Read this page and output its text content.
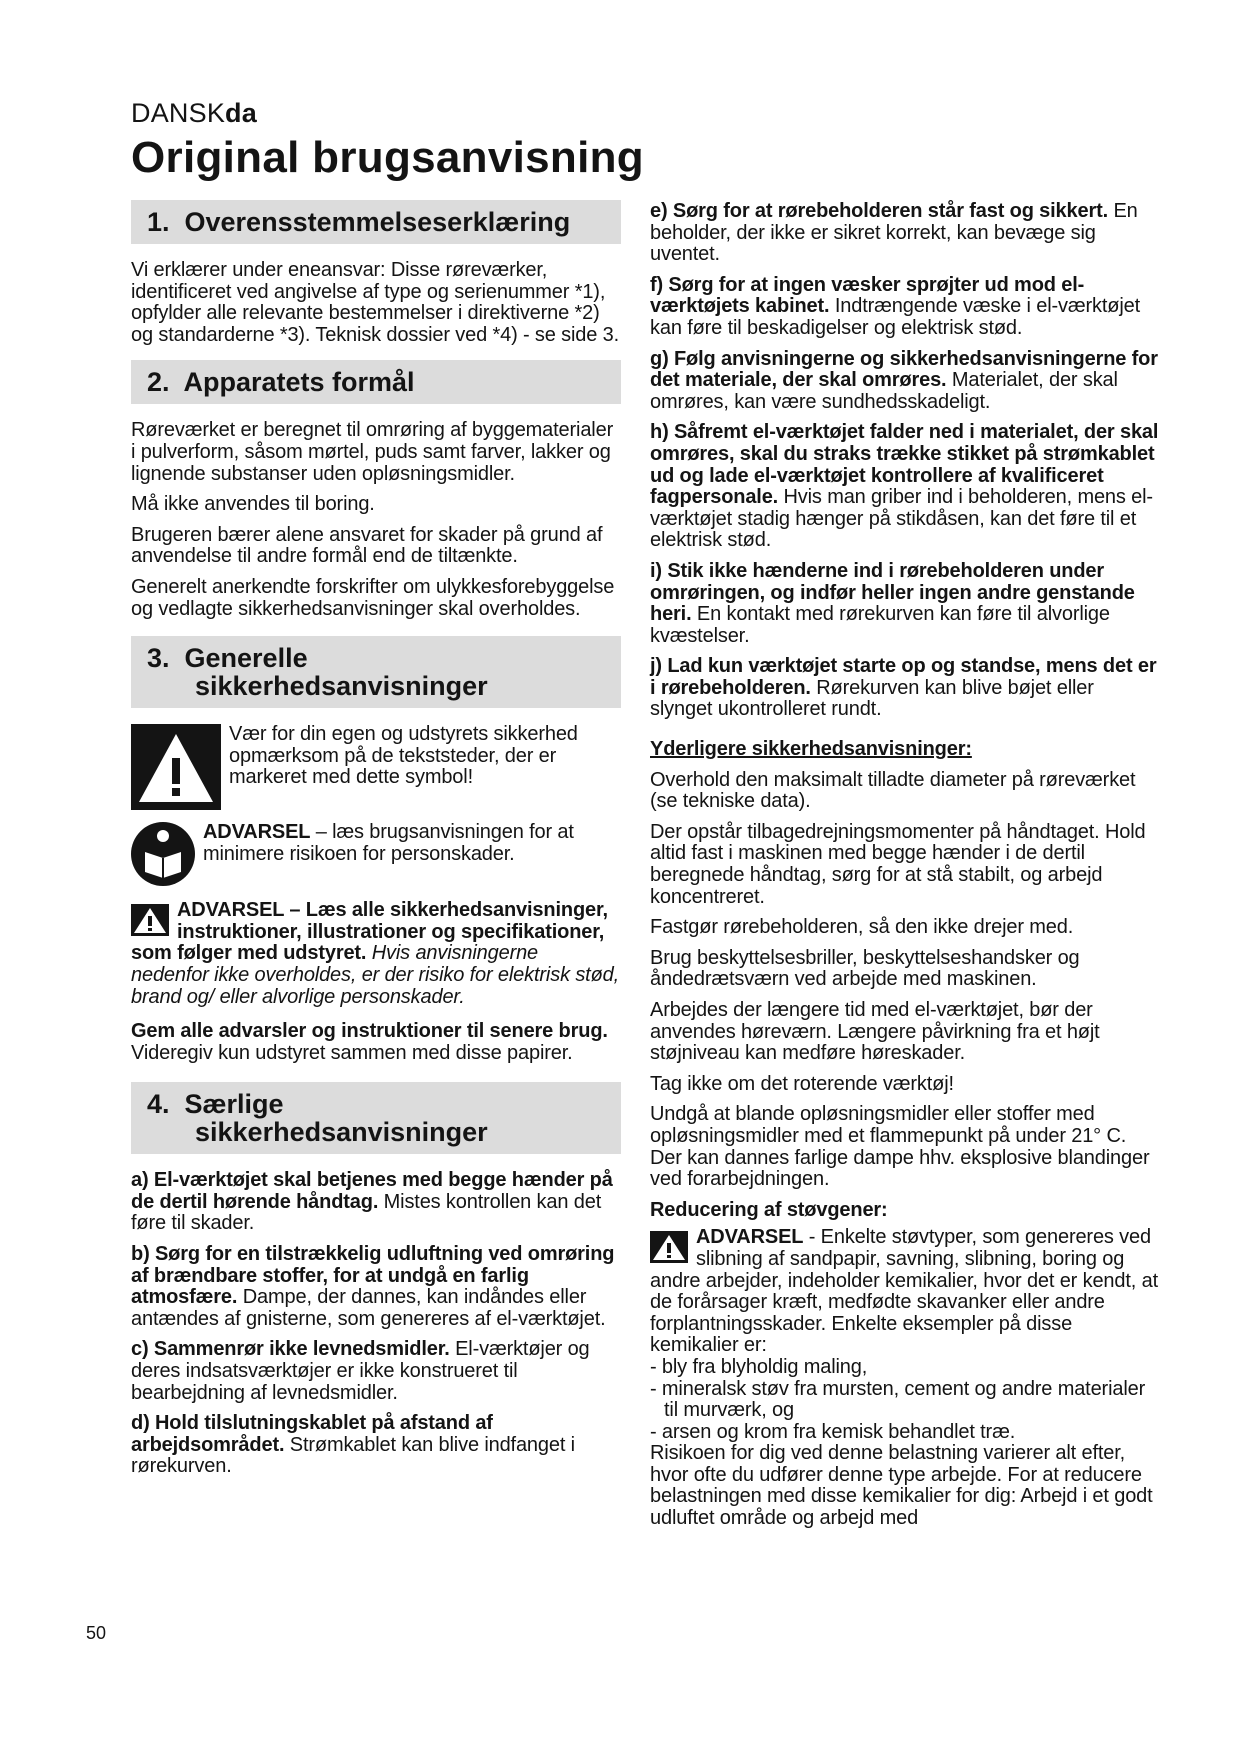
DANSKda
Original brugsanvisning
1. Overensstemmelseserklæring

Vi erklærer under eneansvar: Disse røreværker, identificeret ved angivelse af type og serienummer *1), opfylder alle relevante bestemmelser i direktiverne *2) og standarderne *3). Teknisk dossier ved *4) - se side 3.

2. Apparatets formål

Røreværket er beregnet til omrøring af byggematerialer i pulverform, såsom mørtel, puds samt farver, lakker og lignende substanser uden opløsningsmidler.

Må ikke anvendes til boring.

Brugeren bærer alene ansvaret for skader på grund af anvendelse til andre formål end de tiltænkte.

Generelt anerkendte forskrifter om ulykkesforebyggelse og vedlagte sikkerhedsanvisninger skal overholdes.

3. Generelle
sikkerhedsanvisninger

Vær for din egen og udstyrets sikkerhed opmærksom på de tekststeder, der er markeret med dette symbol!

ADVARSEL – læs brugsanvisningen for at minimere risikoen for personskader.

ADVARSEL – Læs alle sikkerhedsanvisninger, instruktioner, illustrationer og specifikationer, som følger med udstyret. Hvis anvisningerne nedenfor ikke overholdes, er der risiko for elektrisk stød, brand og/ eller alvorlige personskader.

Gem alle advarsler og instruktioner til senere brug.
Videregiv kun udstyret sammen med disse papirer.

4. Særlige
sikkerhedsanvisninger

a) El-værktøjet skal betjenes med begge hænder på de dertil hørende håndtag. Mistes kontrollen kan det føre til skader.

b) Sørg for en tilstrækkelig udluftning ved omrøring af brændbare stoffer, for at undgå en farlig atmosfære. Dampe, der dannes, kan indåndes eller antændes af gnisterne, som genereres af el-værktøjet.

c) Sammenrør ikke levnedsmidler. El-værktøjer og deres indsatsværktøjer er ikke konstrueret til bearbejdning af levnedsmidler.

d) Hold tilslutningskablet på afstand af arbejdsområdet. Strømkablet kan blive indfanget i rørekurven.

e) Sørg for at rørebeholderen står fast og sikkert. En beholder, der ikke er sikret korrekt, kan bevæge sig uventet.

f) Sørg for at ingen væsker sprøjter ud mod el-værktøjets kabinet. Indtrængende væske i el-værktøjet kan føre til beskadigelser og elektrisk stød.

g) Følg anvisningerne og sikkerhedsanvisningerne for det materiale, der skal omrøres. Materialet, der skal omrøres, kan være sundhedsskadeligt.

h) Såfremt el-værktøjet falder ned i materialet, der skal omrøres, skal du straks trække stikket på strømkablet ud og lade el-værktøjet kontrollere af kvalificeret fagpersonale. Hvis man griber ind i beholderen, mens el-værktøjet stadig hænger på stikdåsen, kan det føre til et elektrisk stød.

i) Stik ikke hænderne ind i rørebeholderen under omrøringen, og indfør heller ingen andre genstande heri. En kontakt med rørekurven kan føre til alvorlige kvæstelser.

j) Lad kun værktøjet starte op og standse, mens det er i rørebeholderen. Rørekurven kan blive bøjet eller slynget ukontrolleret rundt.

Yderligere sikkerhedsanvisninger:

Overhold den maksimalt tilladte diameter på røreværket (se tekniske data).

Der opstår tilbagedrejningsmomenter på håndtaget. Hold altid fast i maskinen med begge hænder i de dertil beregnede håndtag, sørg for at stå stabilt, og arbejd koncentreret.

Fastgør rørebeholderen, så den ikke drejer med.

Brug beskyttelsesbriller, beskyttelseshandsker og åndedrætsværn ved arbejde med maskinen.

Arbejdes der længere tid med el-værktøjet, bør der anvendes høreværn. Længere påvirkning fra et højt støjniveau kan medføre høreskader.

Tag ikke om det roterende værktøj!

Undgå at blande opløsningsmidler eller stoffer med opløsningsmidler med et flammepunkt på under 21° C. Der kan dannes farlige dampe hhv. eksplosive blandinger ved forarbejdningen.

Reducering af støvgener:

ADVARSEL - Enkelte støvtyper, som genereres ved slibning af sandpapir, savning, slibning, boring og andre arbejder, indeholder kemikalier, hvor det er kendt, at de forårsager kræft, medfødte skavanker eller andre forplantningsskader. Enkelte eksempler på disse kemikalier er:

- bly fra blyholdig maling,

- mineralsk støv fra mursten, cement og andre materialer til murværk, og

- arsen og krom fra kemisk behandlet træ.

Risikoen for dig ved denne belastning varierer alt efter, hvor ofte du udfører denne type arbejde. For at reducere belastningen med disse kemikalier for dig: Arbejd i et godt udluftet område og arbejd med

50
